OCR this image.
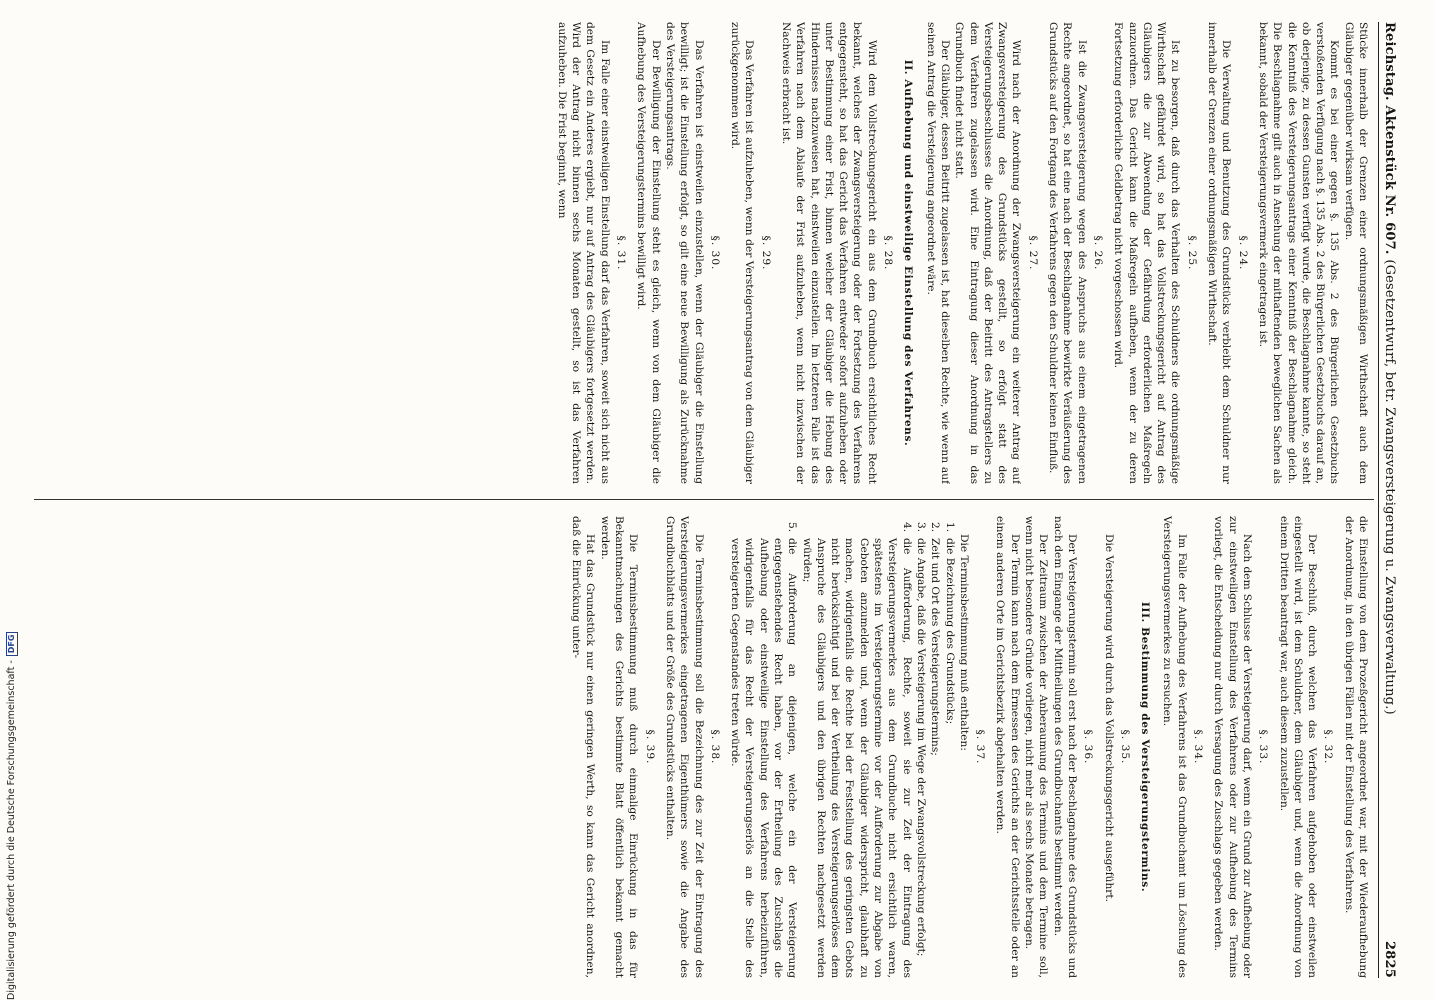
Reichstag. Aktenstück Nr. 607. (Gesetzentwurf, betr. Zwangsversteigerung u. Zwangsverwaltung.)
2825

Stücke innerhalb der Grenzen einer ordnungsmäßigen Wirthschaft auch dem Gläubiger gegenüber wirksam verfügen.

Kommt es bei einer gegen §. 135 Abs. 2 des Bürgerlichen Gesetzbuchs verstoßenden Verfügung nach §. 135 Abs. 2 des Bürgerlichen Gesetzbuchs darauf an, ob derjenige, zu dessen Gunsten verfügt wurde, die Beschlagnahme kannte, so steht die Kenntniß des Versteigerungsantrags einer Kenntniß der Beschlagnahme gleich. Die Beschlagnahme gilt auch in Ansehung der mithaftenden beweglichen Sachen als bekannt, sobald der Versteigerungsvermerk eingetragen ist.

§. 24.

Die Verwaltung und Benutzung des Grundstücks verbleibt dem Schuldner nur innerhalb der Grenzen einer ordnungsmäßigen Wirthschaft.

§. 25.

Ist zu besorgen, daß durch das Verhalten des Schuldners die ordnungsmäßige Wirthschaft gefährdet wird, so hat das Vollstreckungsgericht auf Antrag des Gläubigers die zur Abwendung der Gefährdung erforderlichen Maßregeln anzuordnen. Das Gericht kann die Maßregeln aufheben, wenn der zu deren Fortsetzung erforderliche Geldbetrag nicht vorgeschossen wird.

§. 26.

Ist die Zwangsversteigerung wegen des Anspruchs aus einem eingetragenen Rechte angeordnet, so hat eine nach der Beschlagnahme bewirkte Veräußerung des Grundstücks auf den Fortgang des Verfahrens gegen den Schuldner keinen Einfluß.

§. 27.

Wird nach der Anordnung der Zwangsversteigerung ein weiterer Antrag auf Zwangsversteigerung des Grundstücks gestellt, so erfolgt statt des Versteigerungsbeschlusses die Anordnung, daß der Beitritt des Antragstellers zu dem Verfahren zugelassen wird. Eine Eintragung dieser Anordnung in das Grundbuch findet nicht statt.

Der Gläubiger, dessen Beitritt zugelassen ist, hat dieselben Rechte, wie wenn auf seinen Antrag die Versteigerung angeordnet wäre.

II. Aufhebung und einstweilige Einstellung des Verfahrens.
§. 28.

Wird dem Vollstreckungsgericht ein aus dem Grundbuch ersichtliches Recht bekannt, welches der Zwangsversteigerung oder der Fortsetzung des Verfahrens entgegensteht, so hat das Gericht das Verfahren entweder sofort aufzuheben oder unter Bestimmung einer Frist, binnen welcher der Gläubiger die Hebung des Hindernisses nachzuweisen hat, einstweilen einzustellen. Im letzteren Falle ist das Verfahren nach dem Ablaufe der Frist aufzuheben, wenn nicht inzwischen der Nachweis erbracht ist.

§. 29.

Das Verfahren ist aufzuheben, wenn der Versteigerungsantrag von dem Gläubiger zurückgenommen wird.

§. 30.

Das Verfahren ist einstweilen einzustellen, wenn der Gläubiger die Einstellung bewilligt; ist die Einstellung erfolgt, so gilt eine neue Bewilligung als Zurücknahme des Versteigerungsantrags.

Der Bewilligung der Einstellung steht es gleich, wenn von dem Gläubiger die Aufhebung des Versteigerungstermins bewilligt wird.

§. 31.

Im Falle einer einstweiligen Einstellung darf das Verfahren, soweit sich nicht aus dem Gesetz ein Anderes ergiebt, nur auf Antrag des Gläubigers fortgesetzt werden. Wird der Antrag nicht binnen sechs Monaten gestellt, so ist das Verfahren aufzuheben. Die Frist beginnt, wenn

die Einstellung von dem Prozeßgericht angeordnet war, mit der Wiederaufhebung der Anordnung, in den übrigen Fällen mit der Einstellung des Verfahrens.

§. 32.

Der Beschluß, durch welchen das Verfahren aufgehoben oder einstweilen eingestellt wird, ist dem Schuldner, dem Gläubiger und, wenn die Anordnung von einem Dritten beantragt war, auch diesem zuzustellen.

§. 33.

Nach dem Schlusse der Versteigerung darf, wenn ein Grund zur Aufhebung oder zur einstweiligen Einstellung des Verfahrens oder zur Aufhebung des Termins vorliegt, die Entscheidung nur durch Versagung des Zuschlags gegeben werden.

§. 34.

Im Falle der Aufhebung des Verfahrens ist das Grundbuchamt um Löschung des Versteigerungsvermerkes zu ersuchen.

III. Bestimmung des Versteigerungstermins.
§. 35.

Die Versteigerung wird durch das Vollstreckungsgericht ausgeführt.

§. 36.

Der Versteigerungstermin soll erst nach der Beschlagnahme des Grundstücks und nach dem Eingange der Mittheilungen des Grundbuchamts bestimmt werden.

Der Zeitraum zwischen der Anberaumung des Termins und dem Termine soll, wenn nicht besondere Gründe vorliegen, nicht mehr als sechs Monate betragen.

Der Termin kann nach dem Ermessen des Gerichts an der Gerichtsstelle oder an einem anderen Orte im Gerichtsbezirk abgehalten werden.

§. 37.

Die Terminsbestimmung muß enthalten:

1.die Bezeichnung des Grundstücks;
2.Zeit und Ort des Versteigerungstermins;
3.die Angabe, daß die Versteigerung im Wege der Zwangsvollstreckung erfolgt;
4.die Aufforderung, Rechte, soweit sie zur Zeit der Eintragung des Versteigerungsvermerkes aus dem Grundbuche nicht ersichtlich waren, spätestens im Versteigerungstermine vor der Aufforderung zur Abgabe von Geboten anzumelden und, wenn der Gläubiger widerspricht, glaubhaft zu machen, widrigenfalls die Rechte bei der Feststellung des geringsten Gebots nicht berücksichtigt und bei der Vertheilung des Versteigerungserlöses dem Anspruche des Gläubigers und den übrigen Rechten nachgesetzt werden würden;
5.die Aufforderung an diejenigen, welche ein der Versteigerung entgegenstehendes Recht haben, vor der Ertheilung des Zuschlags die Aufhebung oder einstweilige Einstellung des Verfahrens herbeizuführen, widrigenfalls für das Recht der Versteigerungserlös an die Stelle des versteigerten Gegenstandes treten würde.
§. 38.

Die Terminsbestimmung soll die Bezeichnung des zur Zeit der Eintragung des Versteigerungsvermerkes eingetragenen Eigenthümers sowie die Angabe des Grundbuchblatts und der Größe des Grundstücks enthalten.

§. 39.

Die Terminsbestimmung muß durch einmalige Einrückung in das für Bekanntmachungen des Gerichts bestimmte Blatt öffentlich bekannt gemacht werden.

Hat das Grundstück nur einen geringen Werth, so kann das Gericht anordnen, daß die Einrückung unter-

Digitalisierung gefördert durch die Deutsche Forschungsgemeinschaft -
DFG
